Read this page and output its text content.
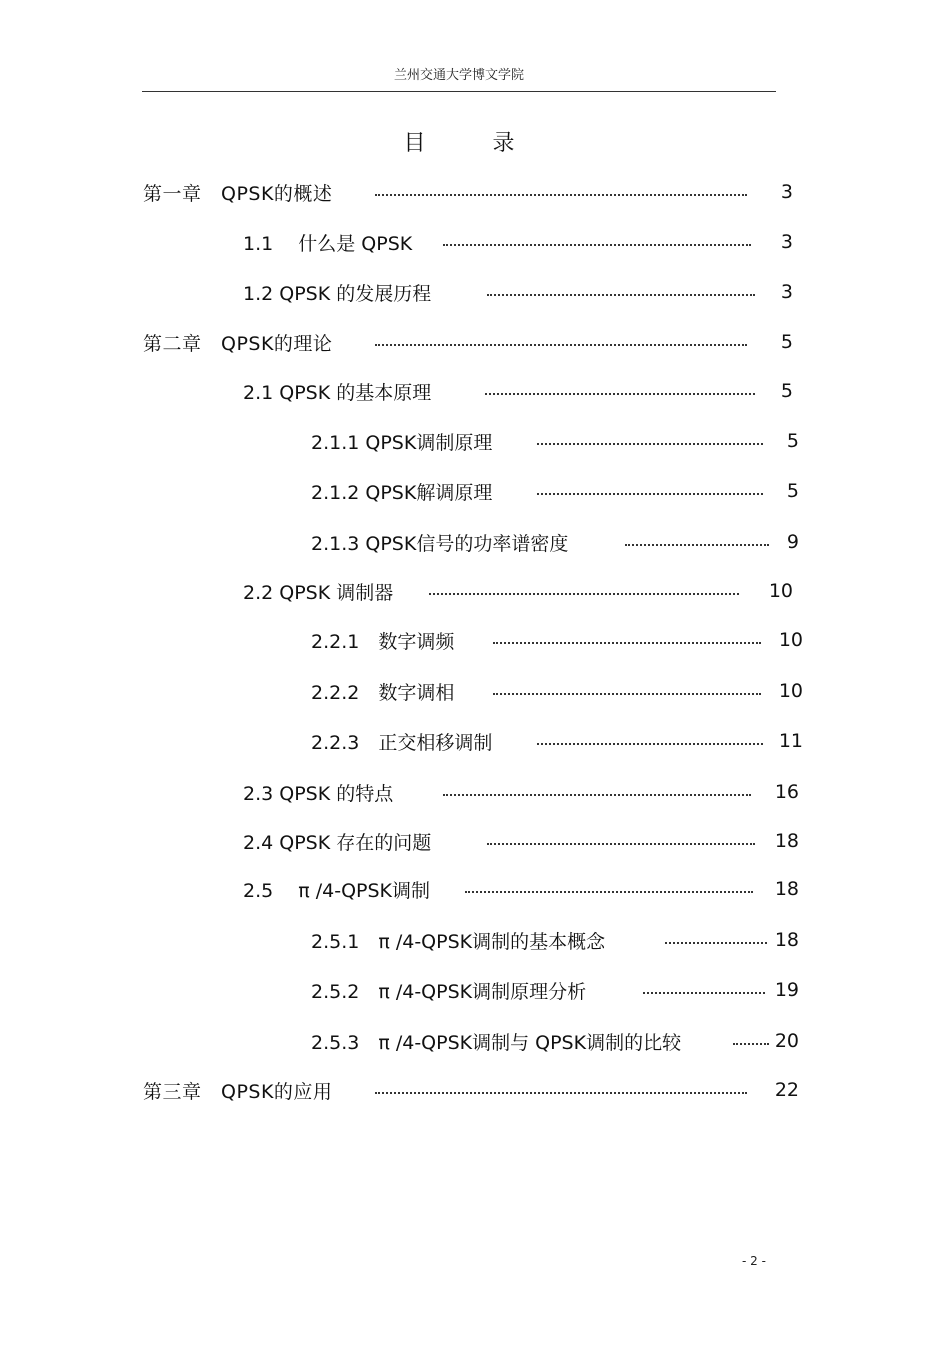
兰州交通大学博文学院
目 录
第一章　QPSK的概述	3
1.1　 什么是 QPSK	3
1.2 QPSK 的发展历程	3
第二章　QPSK的理论	5
2.1 QPSK 的基本原理	5
2.1.1 QPSK调制原理	5
2.1.2 QPSK解调原理	5
2.1.3 QPSK信号的功率谱密度	9
2.2 QPSK 调制器	10
2.2.1　数字调频	10
2.2.2　数字调相	10
2.2.3　正交相移调制	11
2.3 QPSK 的特点	16
2.4 QPSK 存在的问题	18
2.5　 π /4-QPSK调制	18
2.5.1　π /4-QPSK调制的基本概念	18
2.5.2　π /4-QPSK调制原理分析	19
2.5.3　π /4-QPSK调制与 QPSK调制的比较	20
第三章　QPSK的应用	22
- 2 -
